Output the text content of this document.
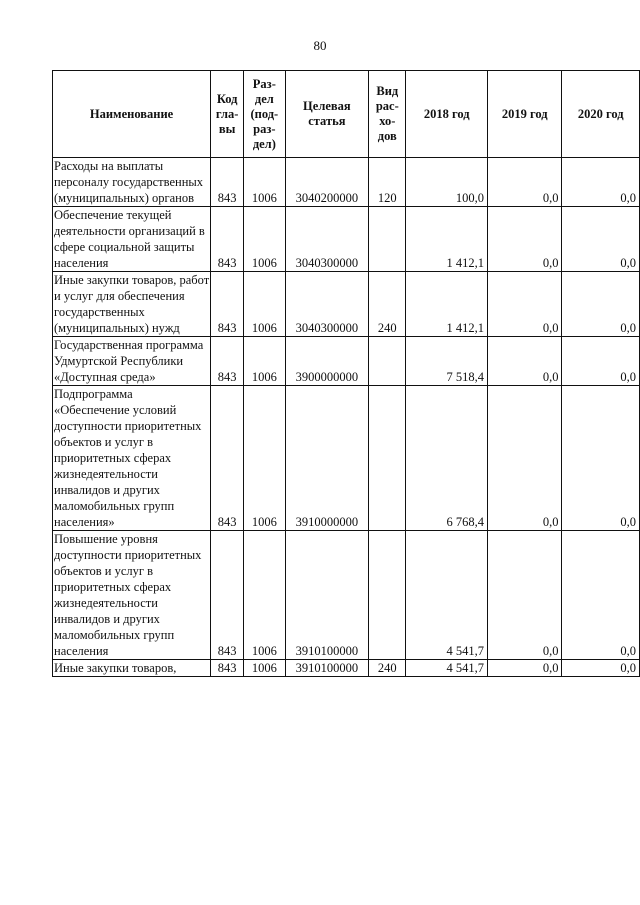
80
Наименование	Код гла- вы	Раз- дел (под- раз- дел)	Целевая статья	Вид рас- хо- дов	2018 год	2019 год	2020 год
Расходы на выплаты персоналу государственных (муниципальных) органов	843	1006	3040200000	120	100,0	0,0	0,0
Обеспечение текущей деятельности организаций в сфере социальной защиты населения	843	1006	3040300000		1 412,1	0,0	0,0
Иные закупки товаров, работ и услуг для обеспечения государственных (муниципальных) нужд	843	1006	3040300000	240	1 412,1	0,0	0,0
Государственная программа Удмуртской Республики «Доступная среда»	843	1006	3900000000		7 518,4	0,0	0,0
Подпрограмма «Обеспечение условий доступности приоритетных объектов и услуг в приоритетных сферах жизнедеятельности инвалидов и других маломобильных групп населения»	843	1006	3910000000		6 768,4	0,0	0,0
Повышение уровня доступности приоритетных объектов и услуг в приоритетных сферах жизнедеятельности инвалидов и других маломобильных групп населения	843	1006	3910100000		4 541,7	0,0	0,0
Иные закупки товаров,	843	1006	3910100000	240	4 541,7	0,0	0,0
